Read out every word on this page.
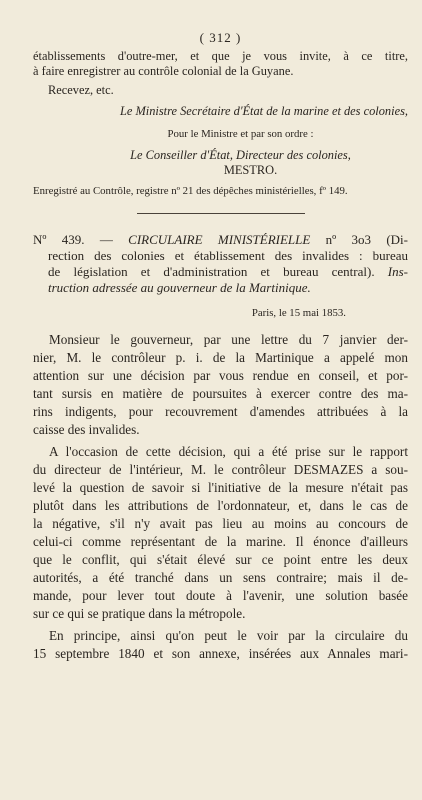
( 312 )
établissements d'outre-mer, et que je vous invite, à ce titre,
à faire enregistrer au contrôle colonial de la Guyane.
Recevez, etc.
Le Ministre Secrétaire d'État de la marine et des colonies,
Pour le Ministre et par son ordre :
Le Conseiller d'État, Directeur des colonies,
MESTRO.
Enregistré au Contrôle, registre nº 21 des dépêches ministérielles, fº 149.
Nº 439. — CIRCULAIRE MINISTÉRIELLE nº 3o3 (Di-
rection des colonies et établissement des invalides : bureau
de législation et d'administration et bureau central). Ins-
truction adressée au gouverneur de la Martinique.
Paris, le 15 mai 1853.
Monsieur le gouverneur, par une lettre du 7 janvier der-
nier, M. le contrôleur p. i. de la Martinique a appelé mon
attention sur une décision par vous rendue en conseil, et por-
tant sursis en matière de poursuites à exercer contre des ma-
rins indigents, pour recouvrement d'amendes attribuées à la
caisse des invalides.
A l'occasion de cette décision, qui a été prise sur le rapport
du directeur de l'intérieur, M. le contrôleur DESMAZES a sou-
levé la question de savoir si l'initiative de la mesure n'était pas
plutôt dans les attributions de l'ordonnateur, et, dans le cas de
la négative, s'il n'y avait pas lieu au moins au concours de
celui-ci comme représentant de la marine. Il énonce d'ailleurs
que le conflit, qui s'était élevé sur ce point entre les deux
autorités, a été tranché dans un sens contraire; mais il de-
mande, pour lever tout doute à l'avenir, une solution basée
sur ce qui se pratique dans la métropole.
En principe, ainsi qu'on peut le voir par la circulaire du
15 septembre 1840 et son annexe, insérées aux Annales mari-
